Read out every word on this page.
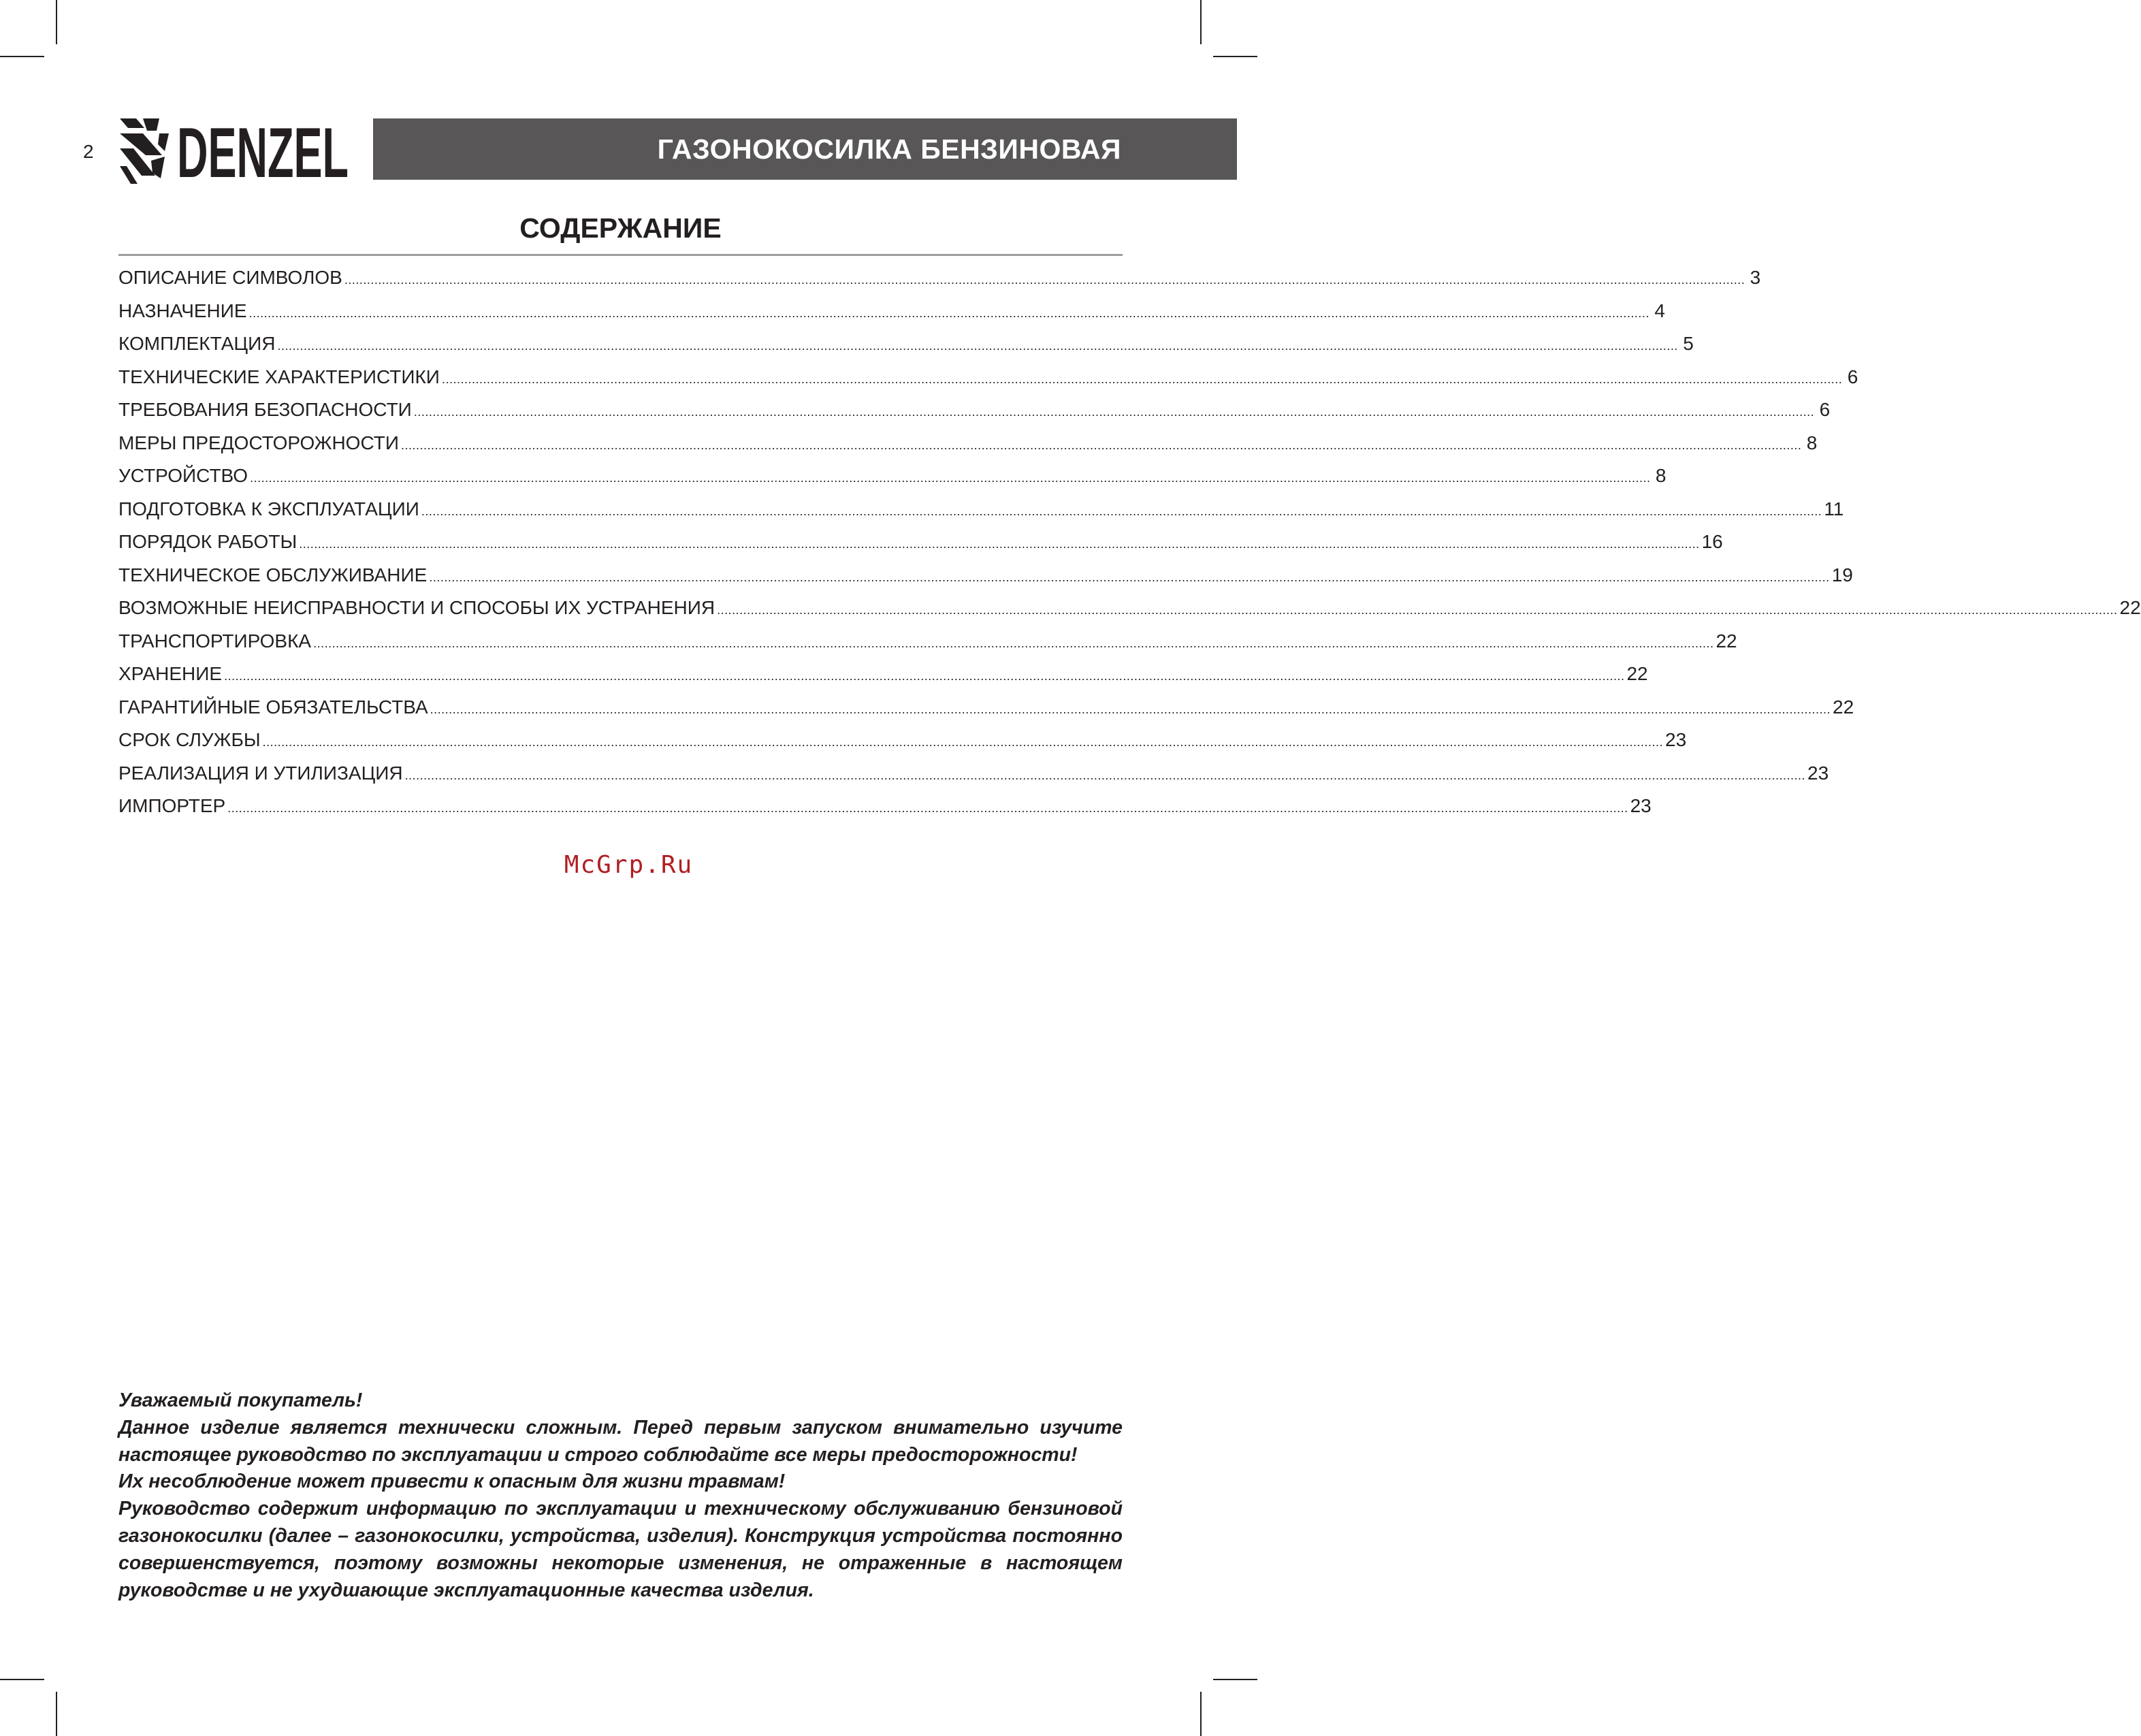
2 DENZEL	ГАЗОНОКОСИЛКА БЕНЗИНОВАЯ
СОДЕРЖАНИЕ
ОПИСАНИЕ СИМВОЛОВ .....	3
НАЗНАЧЕНИЕ .....	4
КОМПЛЕКТАЦИЯ .....	5
ТЕХНИЧЕСКИЕ ХАРАКТЕРИСТИКИ .....	6
ТРЕБОВАНИЯ БЕЗОПАСНОСТИ .....	6
МЕРЫ ПРЕДОСТОРОЖНОСТИ .....	8
УСТРОЙСТВО .....	8
ПОДГОТОВКА К ЭКСПЛУАТАЦИИ .....	11
ПОРЯДОК РАБОТЫ .....	16
ТЕХНИЧЕСКОЕ ОБСЛУЖИВАНИЕ .....	19
ВОЗМОЖНЫЕ НЕИСПРАВНОСТИ И СПОСОБЫ ИХ УСТРАНЕНИЯ .....	22
ТРАНСПОРТИРОВКА .....	22
ХРАНЕНИЕ .....	22
ГАРАНТИЙНЫЕ ОБЯЗАТЕЛЬСТВА .....	22
СРОК СЛУЖБЫ .....	23
РЕАЛИЗАЦИЯ И УТИЛИЗАЦИЯ .....	23
ИМПОРТЕР .....	23
McGrp.Ru

Уважаемый покупатель!

Данное изделие является технически сложным. Перед первым запуском внимательно изучите настоящее руководство по эксплуатации и строго соблюдайте все меры предосторожности!

Их несоблюдение может привести к опасным для жизни травмам!

Руководство содержит информацию по эксплуатации и техническому обслуживанию бензиновой газонокосилки (далее – газонокосилки, устройства, изделия). Конструкция устройства постоянно совершенствуется, поэтому возможны некоторые изменения, не отраженные в настоящем руководстве и не ухудшающие эксплуатационные качества изделия.
